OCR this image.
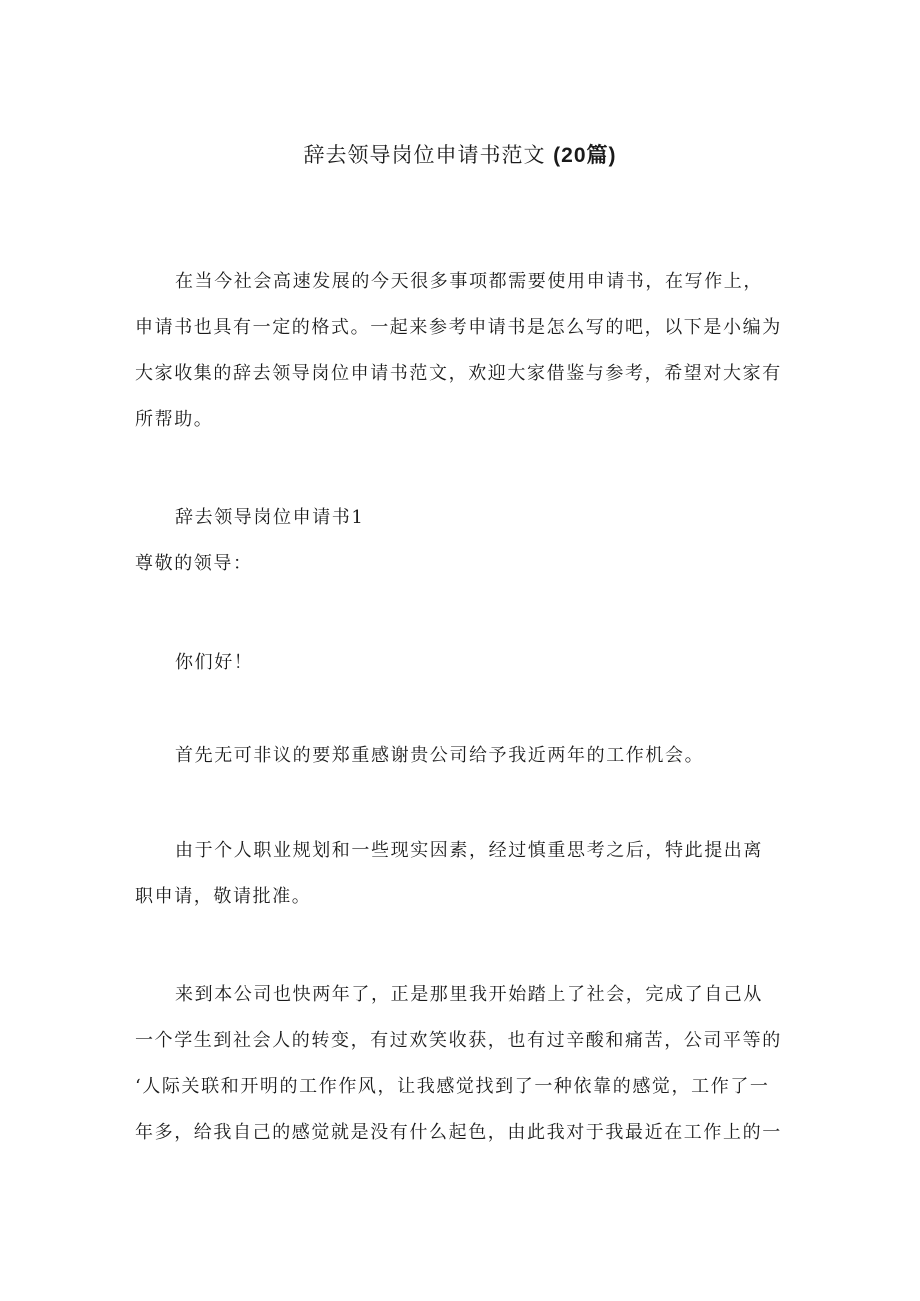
辞去领导岗位申请书范文 (20篇)
在当今社会高速发展的今天很多事项都需要使用申请书，在写作上，
申请书也具有一定的格式。一起来参考申请书是怎么写的吧，以下是小编为
大家收集的辞去领导岗位申请书范文，欢迎大家借鉴与参考，希望对大家有
所帮助。
辞去领导岗位申请书1
尊敬的领导：
你们好！
首先无可非议的要郑重感谢贵公司给予我近两年的工作机会。
由于个人职业规划和一些现实因素，经过慎重思考之后，特此提出离
职申请，敬请批准。
来到本公司也快两年了，正是那里我开始踏上了社会，完成了自己从
一个学生到社会人的转变，有过欢笑收获，也有过辛酸和痛苦，公司平等的
‘人际关联和开明的工作作风，让我感觉找到了一种依靠的感觉，工作了一
年多，给我自己的感觉就是没有什么起色，由此我对于我最近在工作上的一
